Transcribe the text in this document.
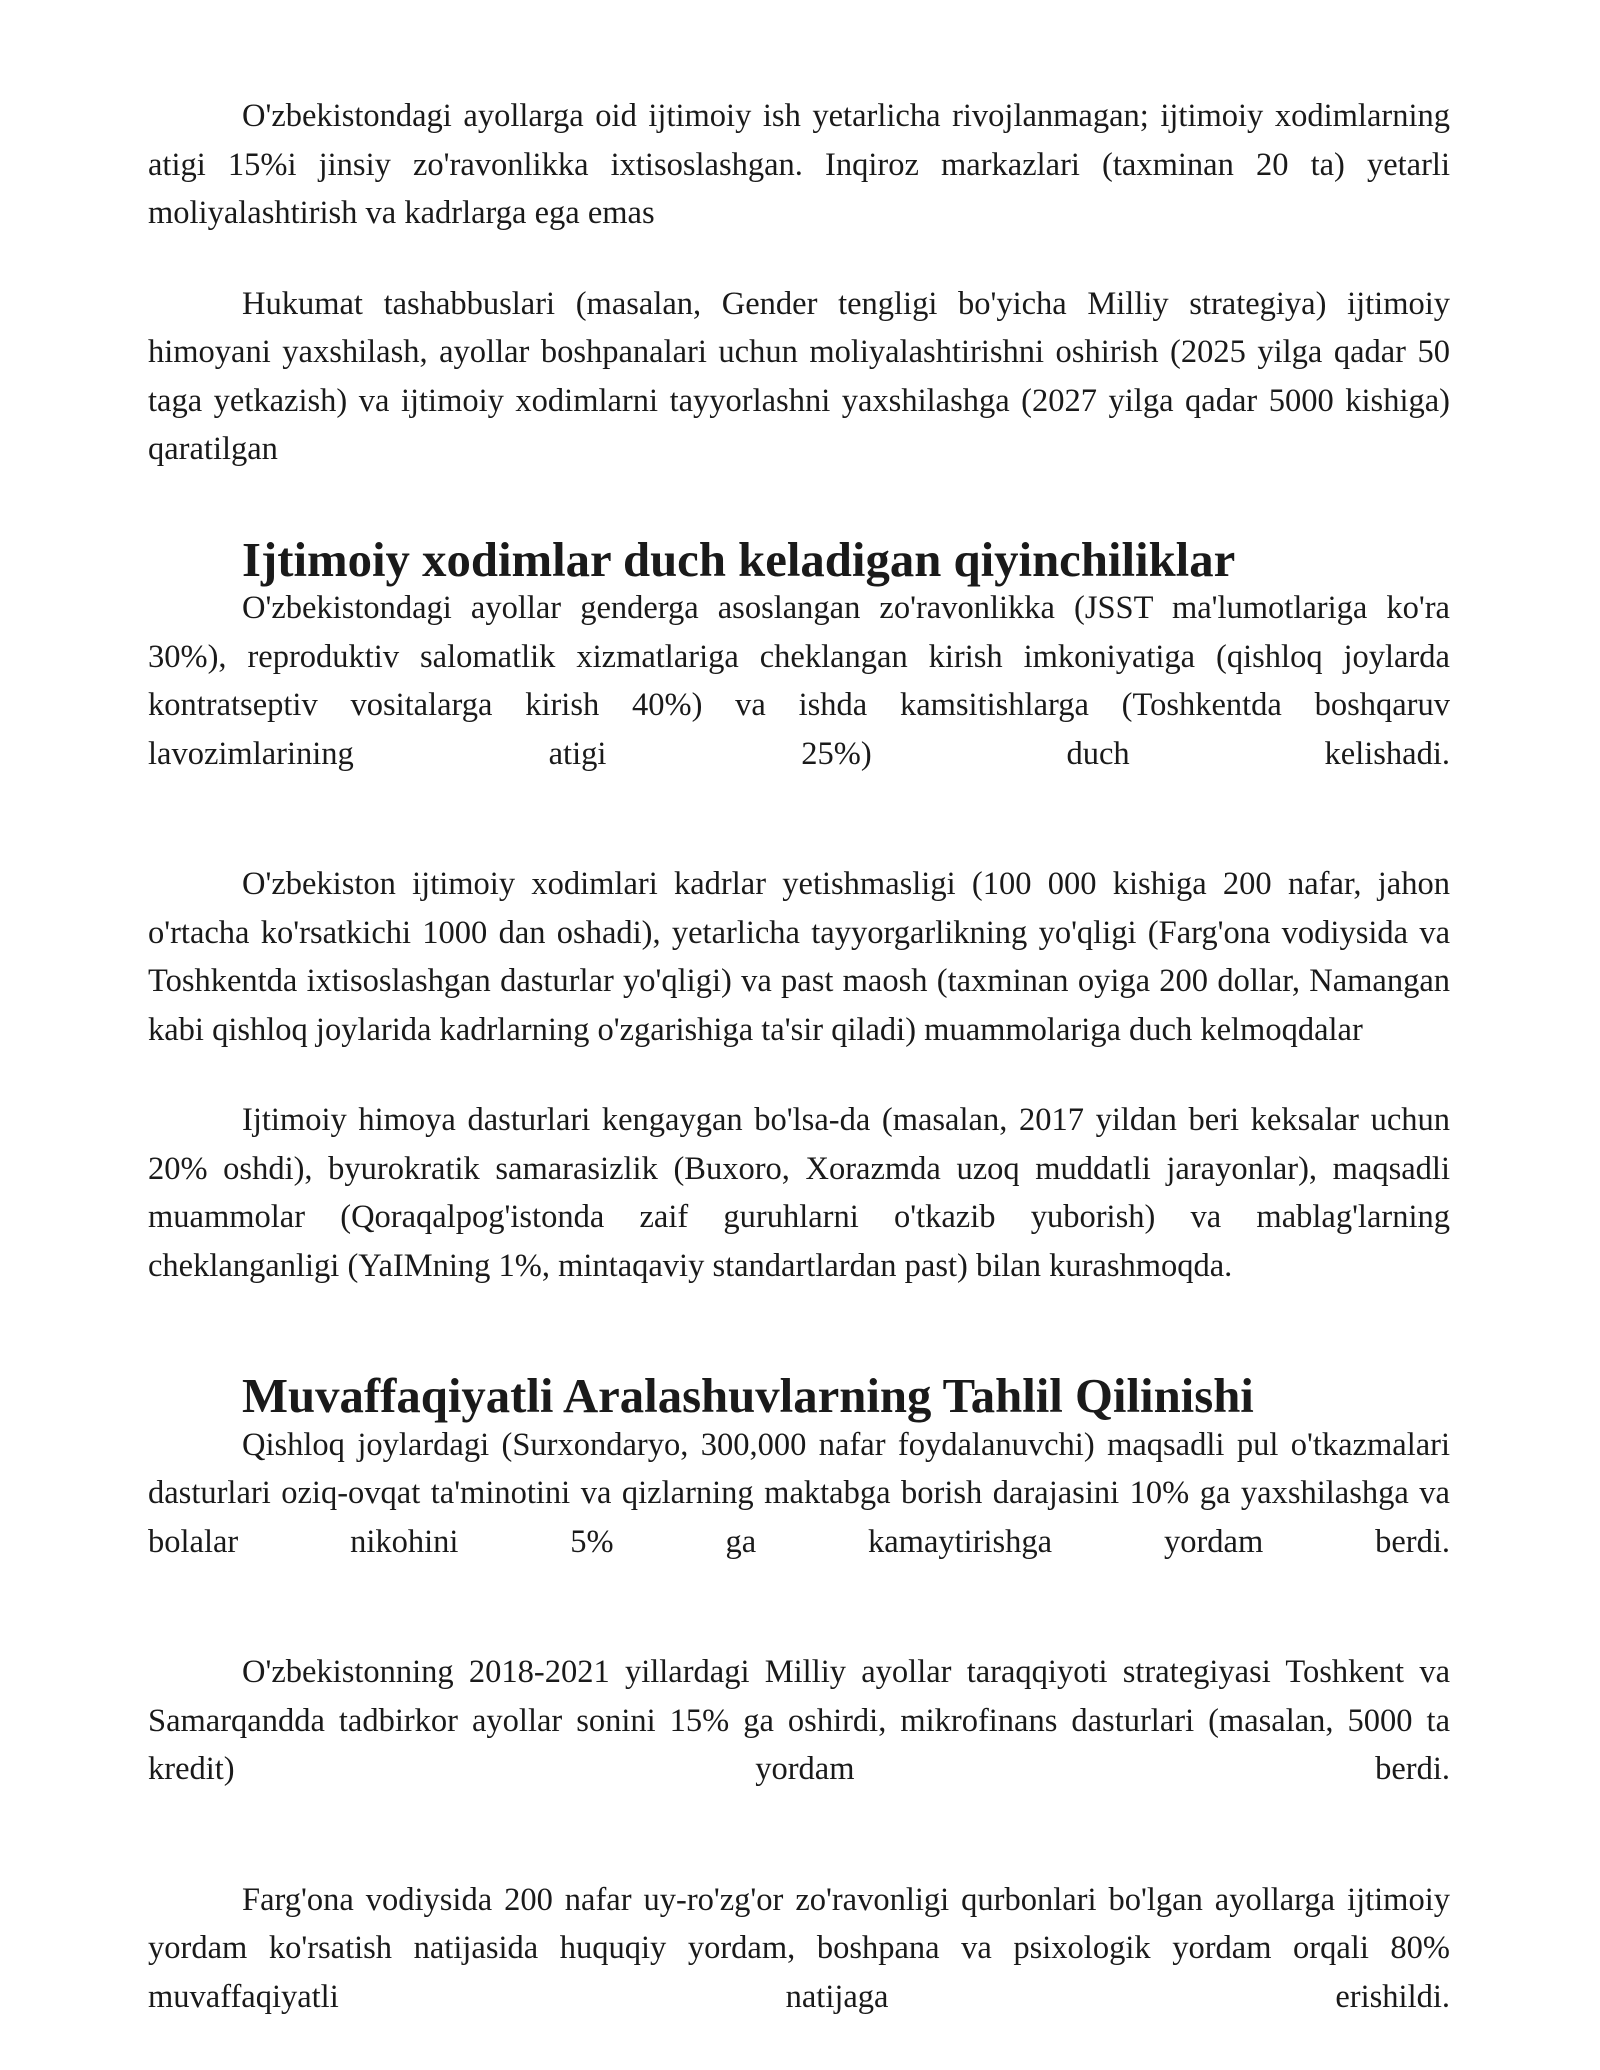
O'zbekistondagi ayollarga oid ijtimoiy ish yetarlicha rivojlanmagan; ijtimoiy xodimlarning atigi 15%i jinsiy zo'ravonlikka ixtisoslashgan. Inqiroz markazlari (taxminan 20 ta) yetarli moliyalashtirish va kadrlarga ega emas

Hukumat tashabbuslari (masalan, Gender tengligi bo'yicha Milliy strategiya) ijtimoiy himoyani yaxshilash, ayollar boshpanalari uchun moliyalashtirishni oshirish (2025 yilga qadar 50 taga yetkazish) va ijtimoiy xodimlarni tayyorlashni yaxshilashga (2027 yilga qadar 5000 kishiga) qaratilgan

Ijtimoiy xodimlar duch keladigan qiyinchiliklar

O'zbekistondagi ayollar genderga asoslangan zo'ravonlikka (JSST ma'lumotlariga ko'ra 30%), reproduktiv salomatlik xizmatlariga cheklangan kirish imkoniyatiga (qishloq joylarda kontratseptiv vositalarga kirish 40%) va ishda kamsitishlarga (Toshkentda boshqaruv lavozimlarining atigi 25%) duch kelishadi.

O'zbekiston ijtimoiy xodimlari kadrlar yetishmasligi (100 000 kishiga 200 nafar, jahon o'rtacha ko'rsatkichi 1000 dan oshadi), yetarlicha tayyorgarlikning yo'qligi (Farg'ona vodiysida va Toshkentda ixtisoslashgan dasturlar yo'qligi) va past maosh (taxminan oyiga 200 dollar, Namangan kabi qishloq joylarida kadrlarning o'zgarishiga ta'sir qiladi) muammolariga duch kelmoqdalar

Ijtimoiy himoya dasturlari kengaygan bo'lsa-da (masalan, 2017 yildan beri keksalar uchun 20% oshdi), byurokratik samarasizlik (Buxoro, Xorazmda uzoq muddatli jarayonlar), maqsadli muammolar (Qoraqalpog'istonda zaif guruhlarni o'tkazib yuborish) va mablag'larning cheklanganligi (YaIMning 1%, mintaqaviy standartlardan past) bilan kurashmoqda.

Muvaffaqiyatli Aralashuvlarning Tahlil Qilinishi

Qishloq joylardagi (Surxondaryo, 300,000 nafar foydalanuvchi) maqsadli pul o'tkazmalari dasturlari oziq-ovqat ta'minotini va qizlarning maktabga borish darajasini 10% ga yaxshilashga va bolalar nikohini 5% ga kamaytirishga yordam berdi.

O'zbekistonning 2018-2021 yillardagi Milliy ayollar taraqqiyoti strategiyasi Toshkent va Samarqandda tadbirkor ayollar sonini 15% ga oshirdi, mikrofinans dasturlari (masalan, 5000 ta kredit) yordam berdi.

Farg'ona vodiysida 200 nafar uy-ro'zg'or zo'ravonligi qurbonlari bo'lgan ayollarga ijtimoiy yordam ko'rsatish natijasida huquqiy yordam, boshpana va psixologik yordam orqali 80% muvaffaqiyatli natijaga erishildi.
